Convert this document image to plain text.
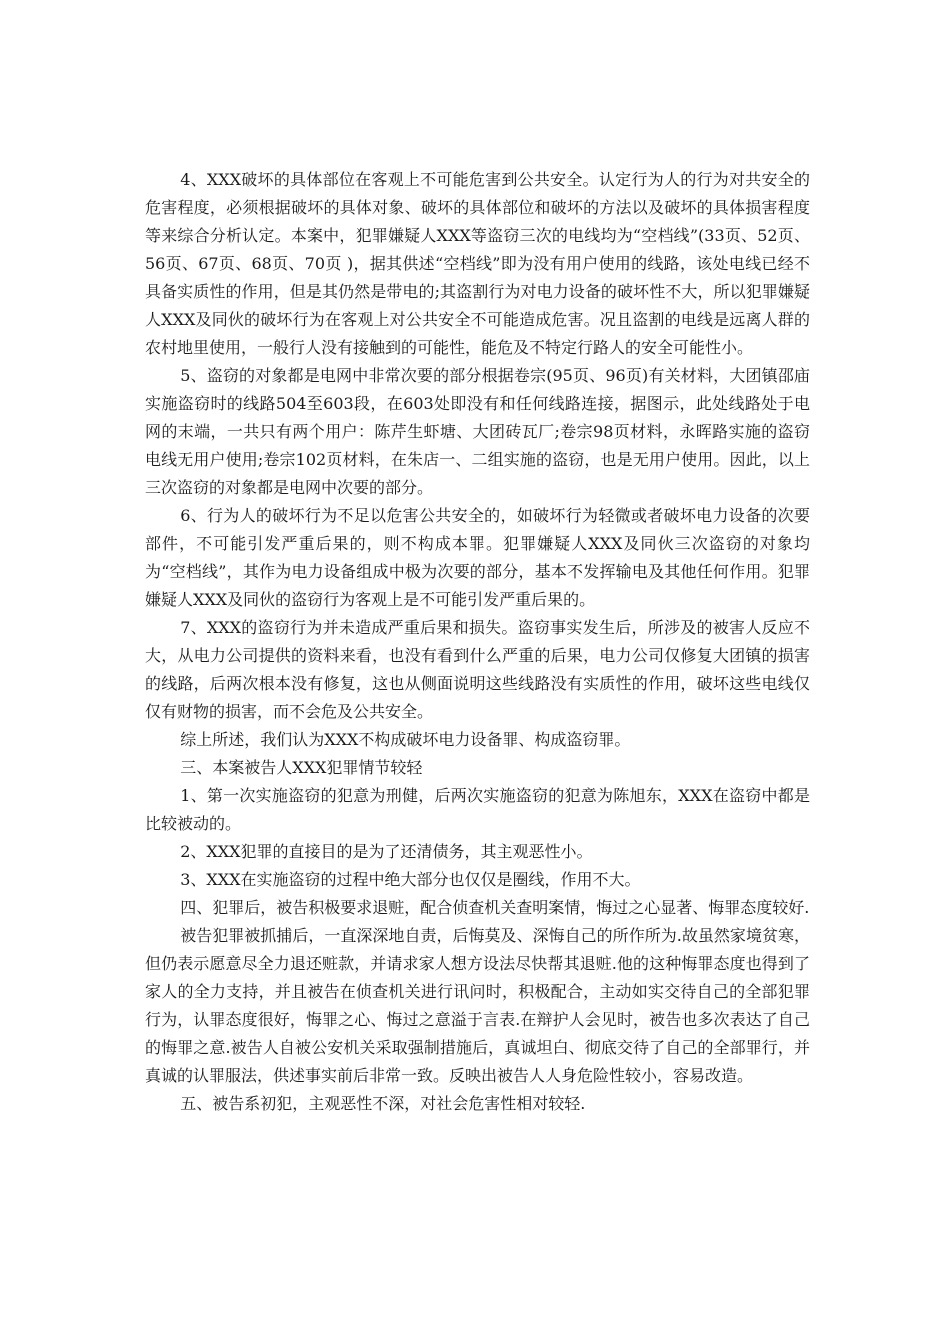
4、XXX破坏的具体部位在客观上不可能危害到公共安全。认定行为人的行为对共安全的危害程度，必须根据破坏的具体对象、破坏的具体部位和破坏的方法以及破坏的具体损害程度等来综合分析认定。本案中，犯罪嫌疑人XXX等盗窃三次的电线均为“空档线”(33页、52页、56页、67页、68页、70页 )，据其供述“空档线”即为没有用户使用的线路，该处电线已经不具备实质性的作用，但是其仍然是带电的;其盗割行为对电力设备的破坏性不大，所以犯罪嫌疑人XXX及同伙的破坏行为在客观上对公共安全不可能造成危害。况且盗割的电线是远离人群的农村地里使用，一般行人没有接触到的可能性，能危及不特定行路人的安全可能性小。

5、盗窃的对象都是电网中非常次要的部分根据卷宗(95页、96页)有关材料，大团镇邵庙实施盗窃时的线路504至603段，在603处即没有和任何线路连接，据图示，此处线路处于电网的末端，一共只有两个用户：陈芹生虾塘、大团砖瓦厂;卷宗98页材料，永晖路实施的盗窃电线无用户使用;卷宗102页材料，在朱店一、二组实施的盗窃，也是无用户使用。因此，以上三次盗窃的对象都是电网中次要的部分。

6、行为人的破坏行为不足以危害公共安全的，如破坏行为轻微或者破坏电力设备的次要部件，不可能引发严重后果的，则不构成本罪。犯罪嫌疑人XXX及同伙三次盗窃的对象均为“空档线”，其作为电力设备组成中极为次要的部分，基本不发挥输电及其他任何作用。犯罪嫌疑人XXX及同伙的盗窃行为客观上是不可能引发严重后果的。

7、XXX的盗窃行为并未造成严重后果和损失。盗窃事实发生后，所涉及的被害人反应不大，从电力公司提供的资料来看，也没有看到什么严重的后果，电力公司仅修复大团镇的损害的线路，后两次根本没有修复，这也从侧面说明这些线路没有实质性的作用，破坏这些电线仅仅有财物的损害，而不会危及公共安全。

综上所述，我们认为XXX不构成破坏电力设备罪、构成盗窃罪。

三、本案被告人XXX犯罪情节较轻

1、第一次实施盗窃的犯意为刑健，后两次实施盗窃的犯意为陈旭东，XXX在盗窃中都是比较被动的。

2、XXX犯罪的直接目的是为了还清债务，其主观恶性小。

3、XXX在实施盗窃的过程中绝大部分也仅仅是圈线，作用不大。

四、犯罪后，被告积极要求退赃，配合侦查机关查明案情，悔过之心显著、悔罪态度较好.

被告犯罪被抓捕后，一直深深地自责，后悔莫及、深悔自己的所作所为.故虽然家境贫寒，但仍表示愿意尽全力退还赃款，并请求家人想方设法尽快帮其退赃.他的这种悔罪态度也得到了家人的全力支持，并且被告在侦查机关进行讯问时，积极配合，主动如实交待自己的全部犯罪行为，认罪态度很好，悔罪之心、悔过之意溢于言表.在辩护人会见时，被告也多次表达了自己的悔罪之意.被告人自被公安机关采取强制措施后，真诚坦白、彻底交待了自己的全部罪行，并真诚的认罪服法，供述事实前后非常一致。反映出被告人人身危险性较小，容易改造。

五、被告系初犯，主观恶性不深，对社会危害性相对较轻.
